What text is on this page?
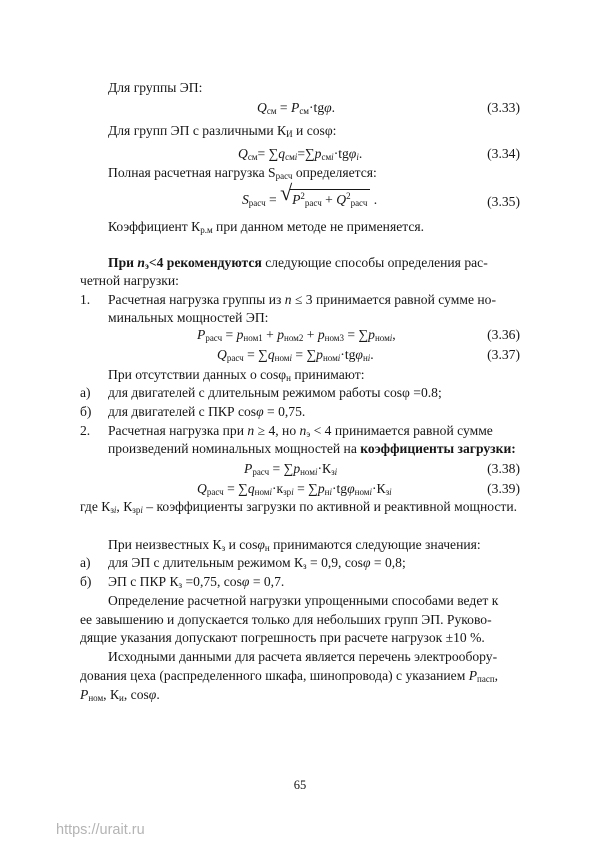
Для группы ЭП:
$Q_{см} = P_{см}\cdot tg\varphi$.	(3.33)
Для групп ЭП с различными $К_И$ и cosφ:
$Q_{см}= \sum q_{смi}=\sum p_{смi}\cdot tg\varphi_i$.	(3.34)
Полная расчетная нагрузка $S_{расч}$ определяется:
$S_{расч}$ = √ $P^2_{расч} + Q^2_{расч}$ .	(3.35)
Коэффициент $К_{р.м}$ при данном методе не применяется.
При $n_э<4$ рекомендуются следующие способы определения рас-
четной нагрузки:
1. Расчетная нагрузка группы из n ≤ 3 принимается равной сумме но-
минальных мощностей ЭП:
$P_{расч} = p_{ном1} + p_{ном2} + p_{ном3} = \sum p_{номi}$,	(3.36)
$Q_{расч} = \sum q_{номi} = \sum p_{номi}\cdot tg\varphi_{нi}$.	(3.37)
При отсутствии данных о cosφ$_н$ принимают:
а) для двигателей с длительным режимом работы cosφ =0.8;
б) для двигателей с ПКР cosφ = 0,75.
2. Расчетная нагрузка при n ≥ 4, но $n_э < 4$ принимается равной сумме
произведений номинальных мощностей на коэффициенты загрузки:
$P_{расч} = \sum p_{номi}\cdot К_{зi}$	(3.38)
$Q_{расч} = \sum q_{номi}\cdot к_{зрi} = \sum p_{нi}\cdot tg\varphi_{номi}\cdot К_{зi}$	(3.39)
где $К_{зi}$, $К_{зрi}$ – коэффициенты загрузки по активной и реактивной мощности.
При неизвестных $К_з$ и cosφ$_н$ принимаются следующие значения:
а) для ЭП с длительным режимом $К_з = 0,9$, cosφ = 0,8;
б) ЭП с ПКР $К_з =0,75$, cosφ = 0,7.
Определение расчетной нагрузки упрощенными способами ведет к
ее завышению и допускается только для небольших групп ЭП. Руково-
дящие указания допускают погрешность при расчете нагрузок ±10 %.
Исходными данными для расчета является перечень электрообору-
дования цеха (распределенного шкафа, шинопровода) с указанием $P_{пасп}$,
$P_{ном}$, $К_и$, cosφ.
65
https://urait.ru
